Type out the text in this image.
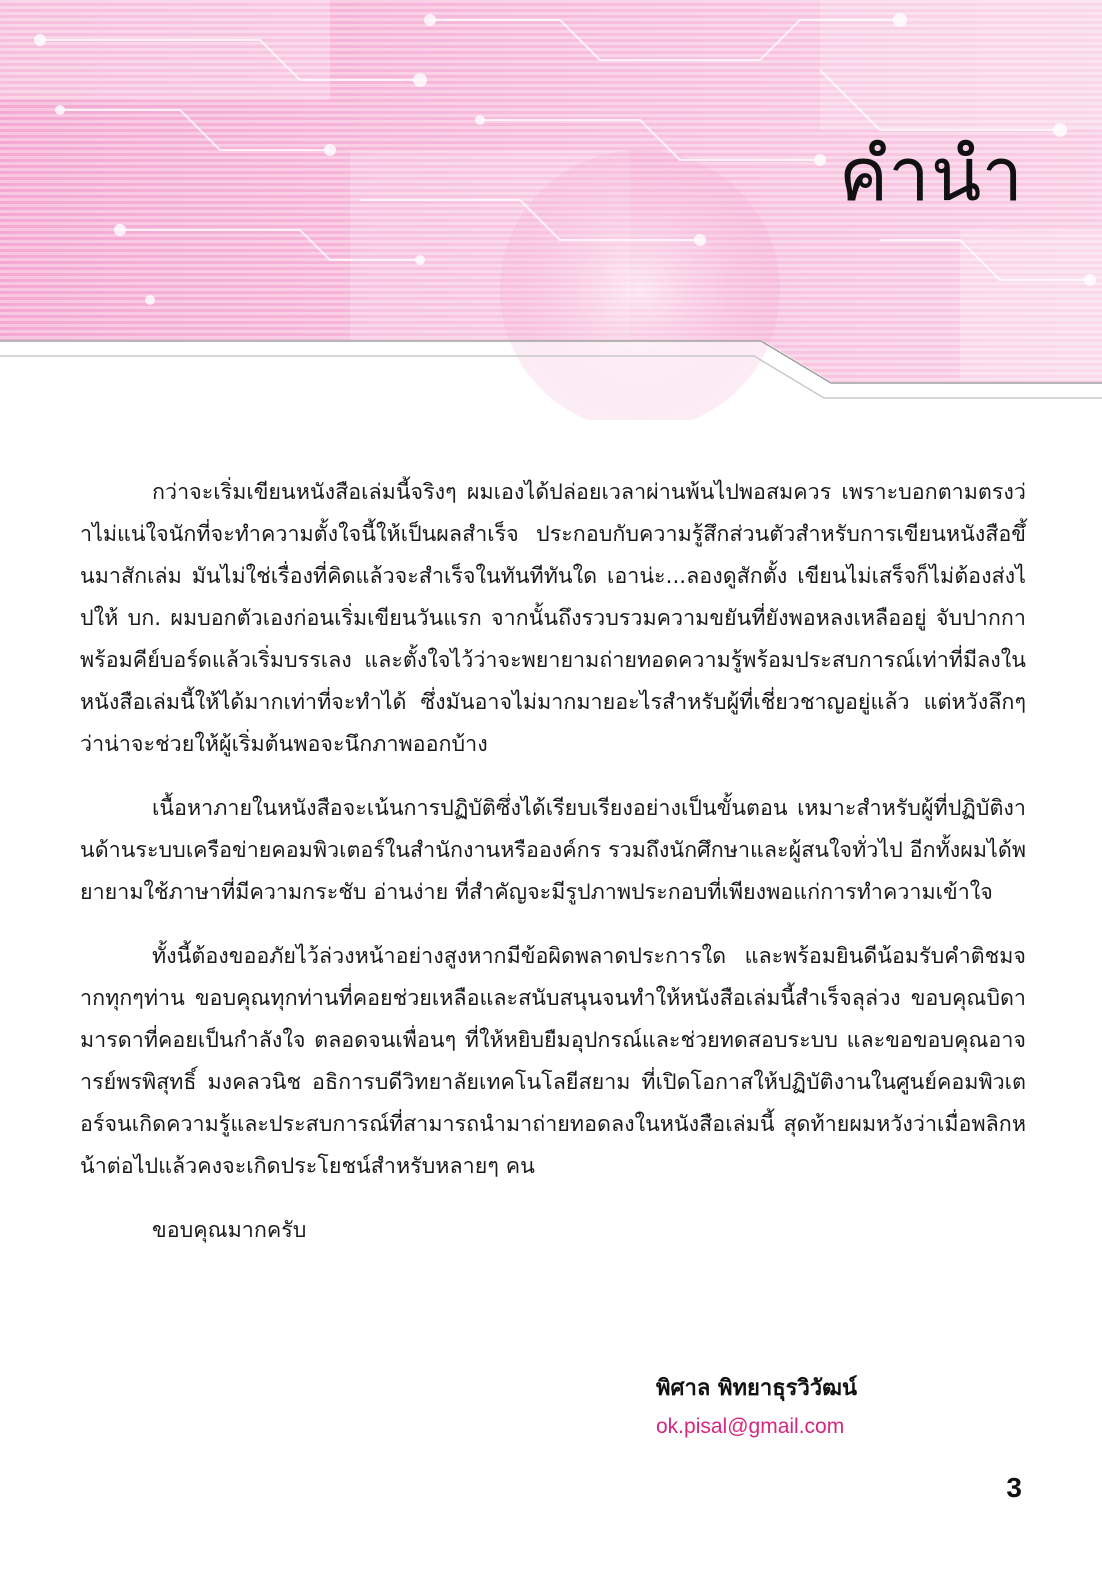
คำนำ

กว่าจะเริ่มเขียนหนังสือเล่มนี้จริงๆ ผมเองได้ปล่อยเวลาผ่านพ้นไปพอสมควร เพราะบอกตามตรงว่าไม่แน่ใจนักที่จะทำความตั้งใจนี้ให้เป็นผลสำเร็จ ประกอบกับความรู้สึกส่วนตัวสำหรับการเขียนหนังสือขึ้นมาสักเล่ม มันไม่ใช่เรื่องที่คิดแล้วจะสำเร็จในทันทีทันใด เอาน่ะ...ลองดูสักตั้ง เขียนไม่เสร็จก็ไม่ต้องส่งไปให้ บก. ผมบอกตัวเองก่อนเริ่มเขียนวันแรก จากนั้นถึงรวบรวมความขยันที่ยังพอหลงเหลืออยู่ จับปากกาพร้อมคีย์บอร์ดแล้วเริ่มบรรเลง และตั้งใจไว้ว่าจะพยายามถ่ายทอดความรู้พร้อมประสบการณ์เท่าที่มีลงในหนังสือเล่มนี้ให้ได้มากเท่าที่จะทำได้ ซึ่งมันอาจไม่มากมายอะไรสำหรับผู้ที่เชี่ยวชาญอยู่แล้ว แต่หวังลึกๆ ว่าน่าจะช่วยให้ผู้เริ่มต้นพอจะนึกภาพออกบ้าง

เนื้อหาภายในหนังสือจะเน้นการปฏิบัติซึ่งได้เรียบเรียงอย่างเป็นขั้นตอน เหมาะสำหรับผู้ที่ปฏิบัติงานด้านระบบเครือข่ายคอมพิวเตอร์ในสำนักงานหรือองค์กร รวมถึงนักศึกษาและผู้สนใจทั่วไป อีกทั้งผมได้พยายามใช้ภาษาที่มีความกระชับ อ่านง่าย ที่สำคัญจะมีรูปภาพประกอบที่เพียงพอแก่การทำความเข้าใจ

ทั้งนี้ต้องขออภัยไว้ล่วงหน้าอย่างสูงหากมีข้อผิดพลาดประการใด และพร้อมยินดีน้อมรับคำติชมจากทุกๆท่าน ขอบคุณทุกท่านที่คอยช่วยเหลือและสนับสนุนจนทำให้หนังสือเล่มนี้สำเร็จลุล่วง ขอบคุณบิดามารดาที่คอยเป็นกำลังใจ ตลอดจนเพื่อนๆ ที่ให้หยิบยืมอุปกรณ์และช่วยทดสอบระบบ และขอขอบคุณอาจารย์พรพิสุทธิ์ มงคลวนิช อธิการบดีวิทยาลัยเทคโนโลยีสยาม ที่เปิดโอกาสให้ปฏิบัติงานในศูนย์คอมพิวเตอร์จนเกิดความรู้และประสบการณ์ที่สามารถนำมาถ่ายทอดลงในหนังสือเล่มนี้ สุดท้ายผมหวังว่าเมื่อพลิกหน้าต่อไปแล้วคงจะเกิดประโยชน์สำหรับหลายๆ คน

ขอบคุณมากครับ

พิศาล พิทยาธุรวิวัฒน์
ok.pisal@gmail.com
3
